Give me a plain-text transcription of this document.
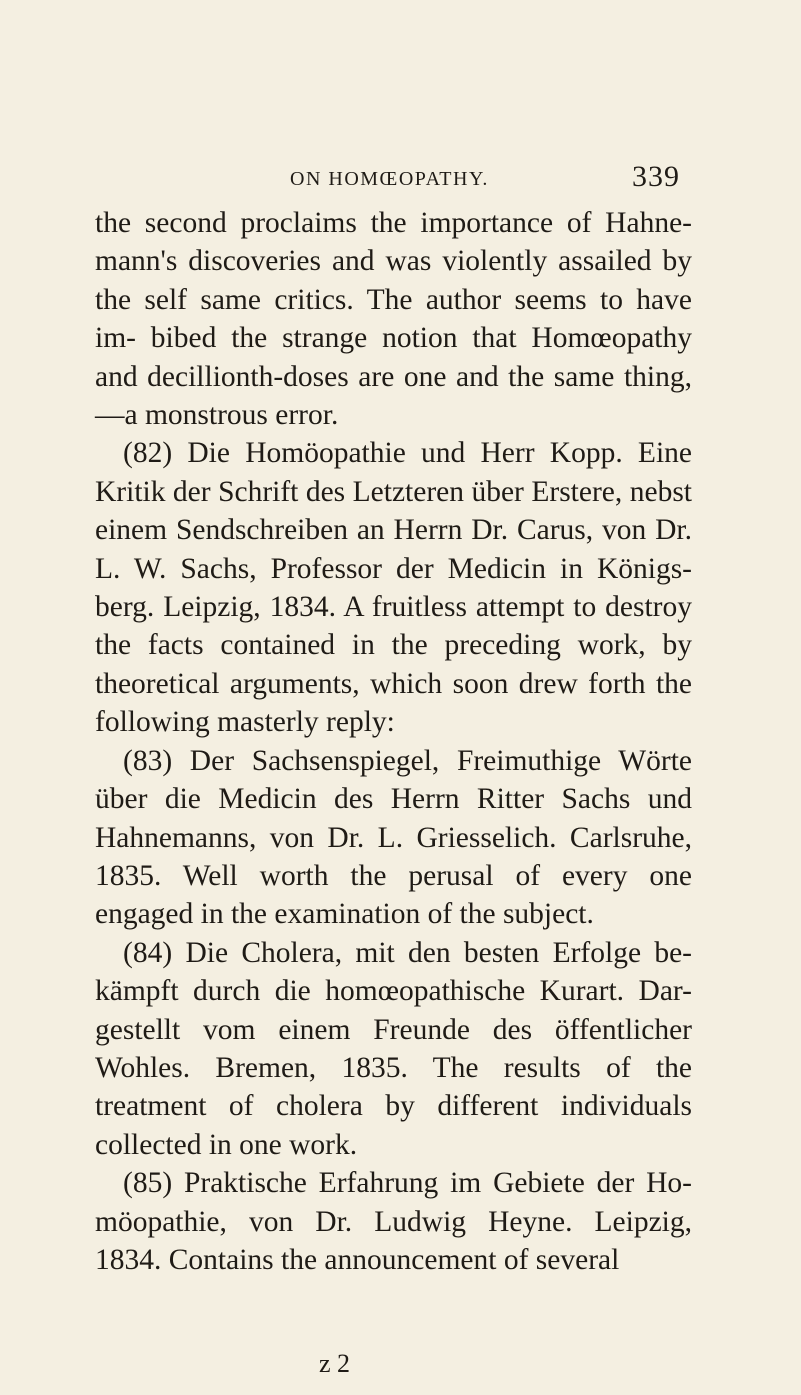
ON HOMŒOPATHY.	339

the second proclaims the importance of Hahne- mann's discoveries and was violently assailed by the self same critics. The author seems to have im- bibed the strange notion that Homœopathy and decillionth-doses are one and the same thing,—a monstrous error.

(82) Die Homöopathie und Herr Kopp. Eine Kritik der Schrift des Letzteren über Erstere, nebst einem Sendschreiben an Herrn Dr. Carus, von Dr. L. W. Sachs, Professor der Medicin in Königs- berg. Leipzig, 1834. A fruitless attempt to destroy the facts contained in the preceding work, by theoretical arguments, which soon drew forth the following masterly reply:

(83) Der Sachsenspiegel, Freimuthige Wörte über die Medicin des Herrn Ritter Sachs und Hahnemanns, von Dr. L. Griesselich. Carlsruhe, 1835. Well worth the perusal of every one engaged in the examination of the subject.

(84) Die Cholera, mit den besten Erfolge be- kämpft durch die homœopathische Kurart. Dar- gestellt vom einem Freunde des öffentlicher Wohles. Bremen, 1835. The results of the treatment of cholera by different individuals collected in one work.

(85) Praktische Erfahrung im Gebiete der Ho- möopathie, von Dr. Ludwig Heyne. Leipzig, 1834. Contains the announcement of several

z 2
